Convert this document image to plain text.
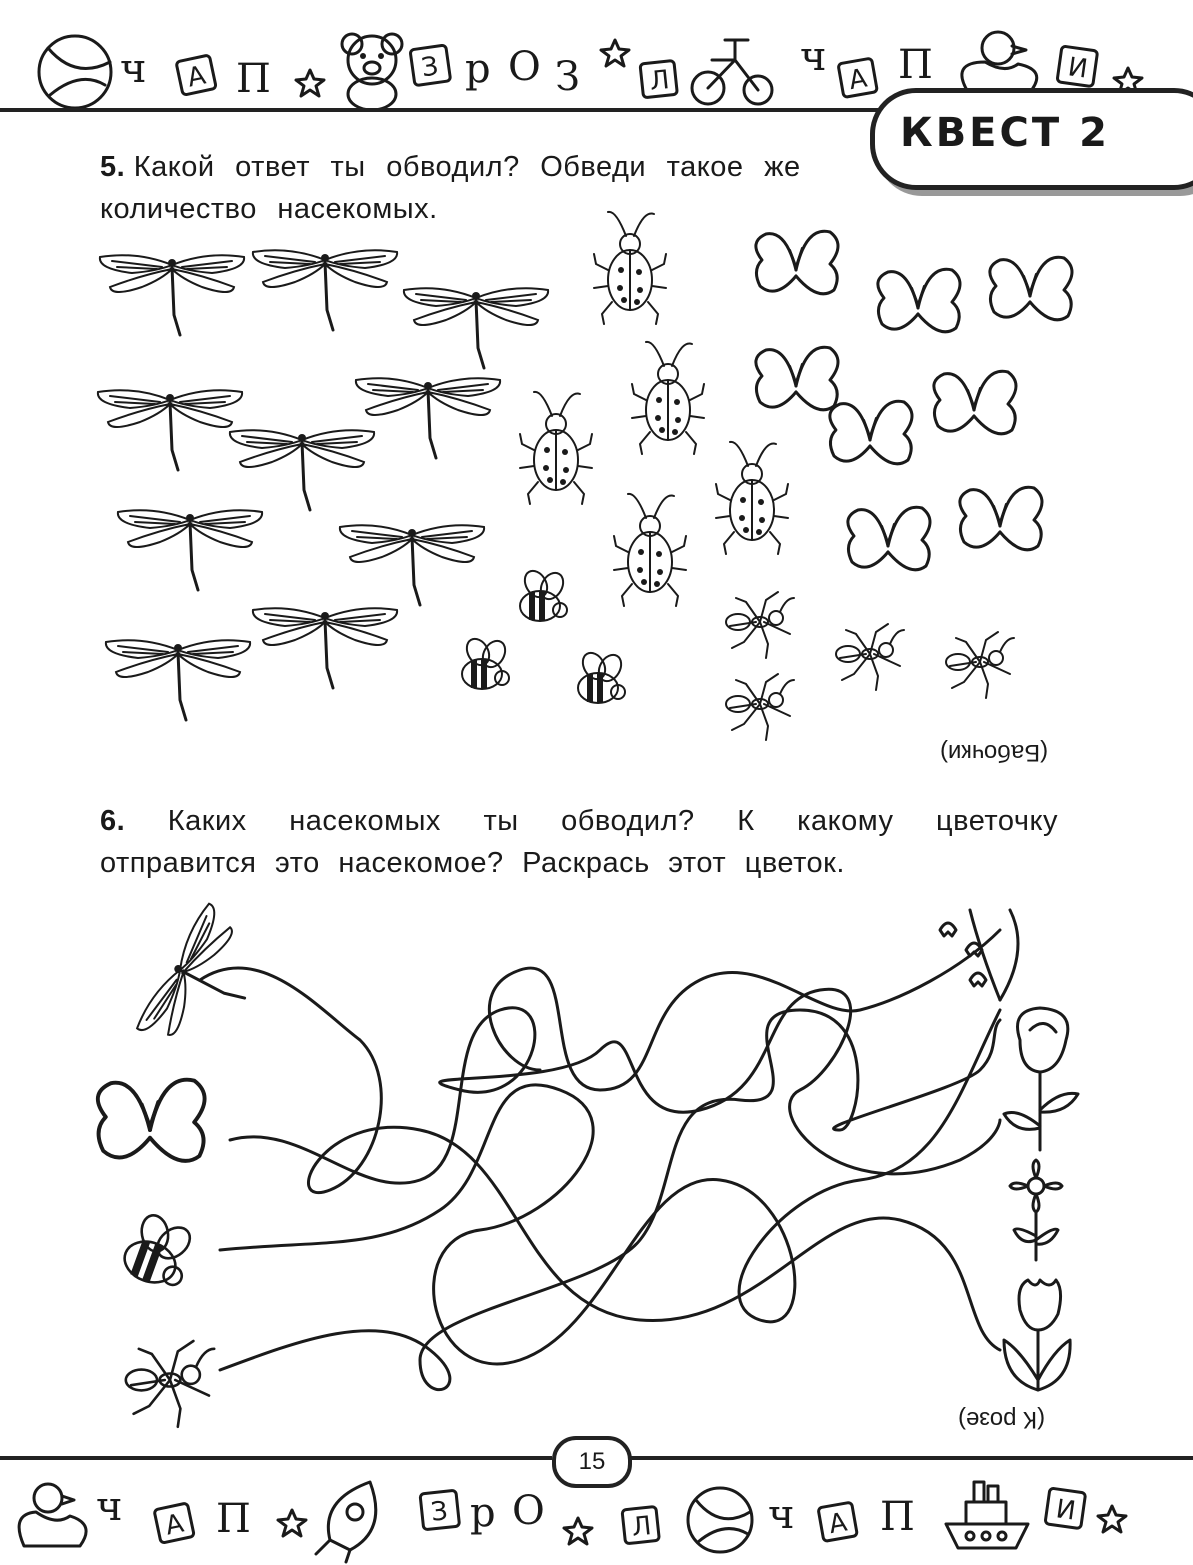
ч А П	З р О З	Л
ч А П	И
КВЕСТ 2
5. Какой ответ ты обводил? Обведи такое же количество насекомых.
(Бабочки)
6. Каких насекомых ты обводил? К какому цветочку
отправится это насекомое? Раскрась этот цветок.
(К розе)
15
ч А П	З р О	Л	ч А П	И
